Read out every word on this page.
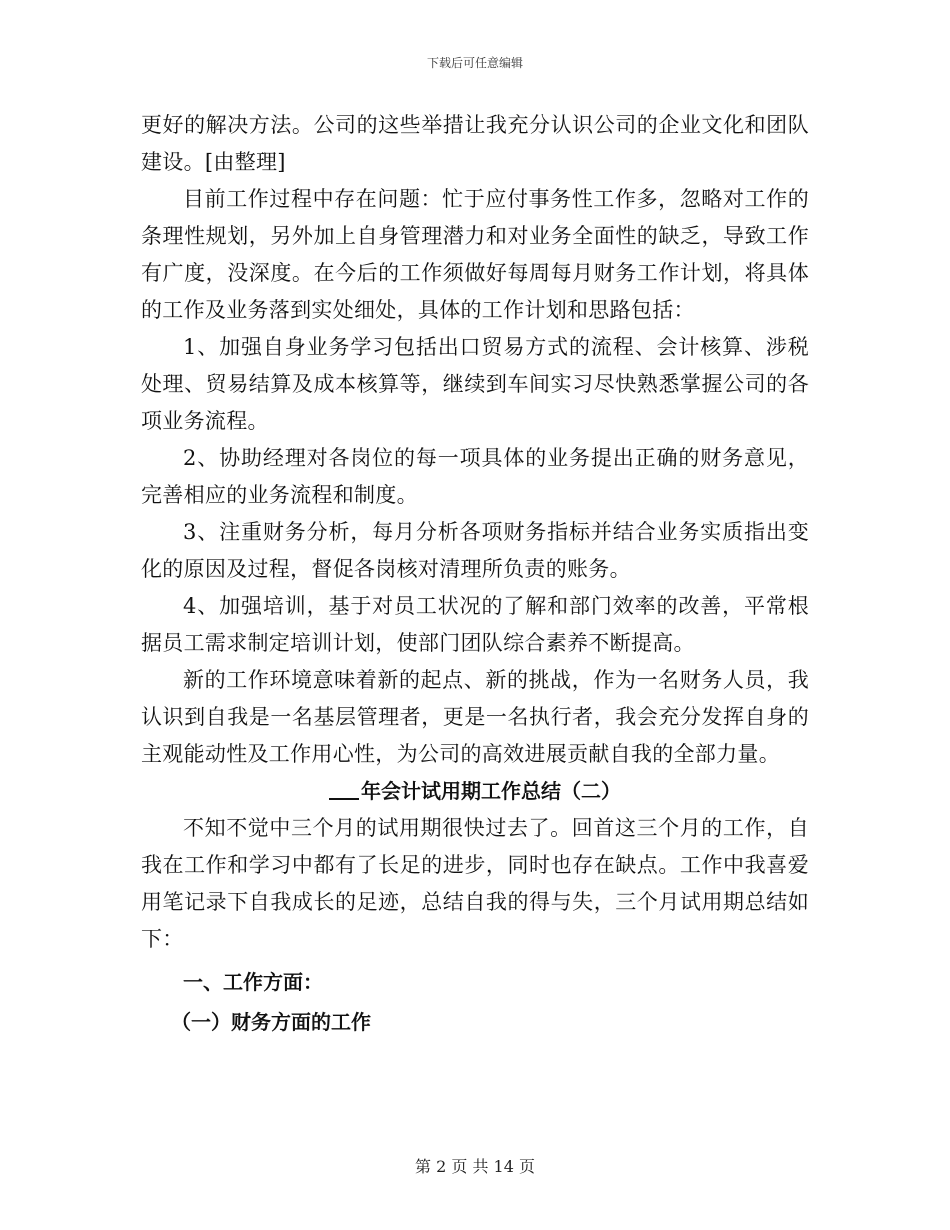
下载后可任意编辑

更好的解决方法。公司的这些举措让我充分认识公司的企业文化和团队建设。[由整理]

目前工作过程中存在问题：忙于应付事务性工作多，忽略对工作的条理性规划，另外加上自身管理潜力和对业务全面性的缺乏，导致工作有广度，没深度。在今后的工作须做好每周每月财务工作计划，将具体的工作及业务落到实处细处，具体的工作计划和思路包括：

1、加强自身业务学习包括出口贸易方式的流程、会计核算、涉税处理、贸易结算及成本核算等，继续到车间实习尽快熟悉掌握公司的各项业务流程。

2、协助经理对各岗位的每一项具体的业务提出正确的财务意见，完善相应的业务流程和制度。

3、注重财务分析，每月分析各项财务指标并结合业务实质指出变化的原因及过程，督促各岗核对清理所负责的账务。

4、加强培训，基于对员工状况的了解和部门效率的改善，平常根据员工需求制定培训计划，使部门团队综合素养不断提高。

新的工作环境意味着新的起点、新的挑战，作为一名财务人员，我认识到自我是一名基层管理者，更是一名执行者，我会充分发挥自身的主观能动性及工作用心性，为公司的高效进展贡献自我的全部力量。

年会计试用期工作总结（二）

不知不觉中三个月的试用期很快过去了。回首这三个月的工作，自我在工作和学习中都有了长足的进步，同时也存在缺点。工作中我喜爱用笔记录下自我成长的足迹，总结自我的得与失，三个月试用期总结如下：

一、工作方面：

（一）财务方面的工作

第 2 页 共 14 页
